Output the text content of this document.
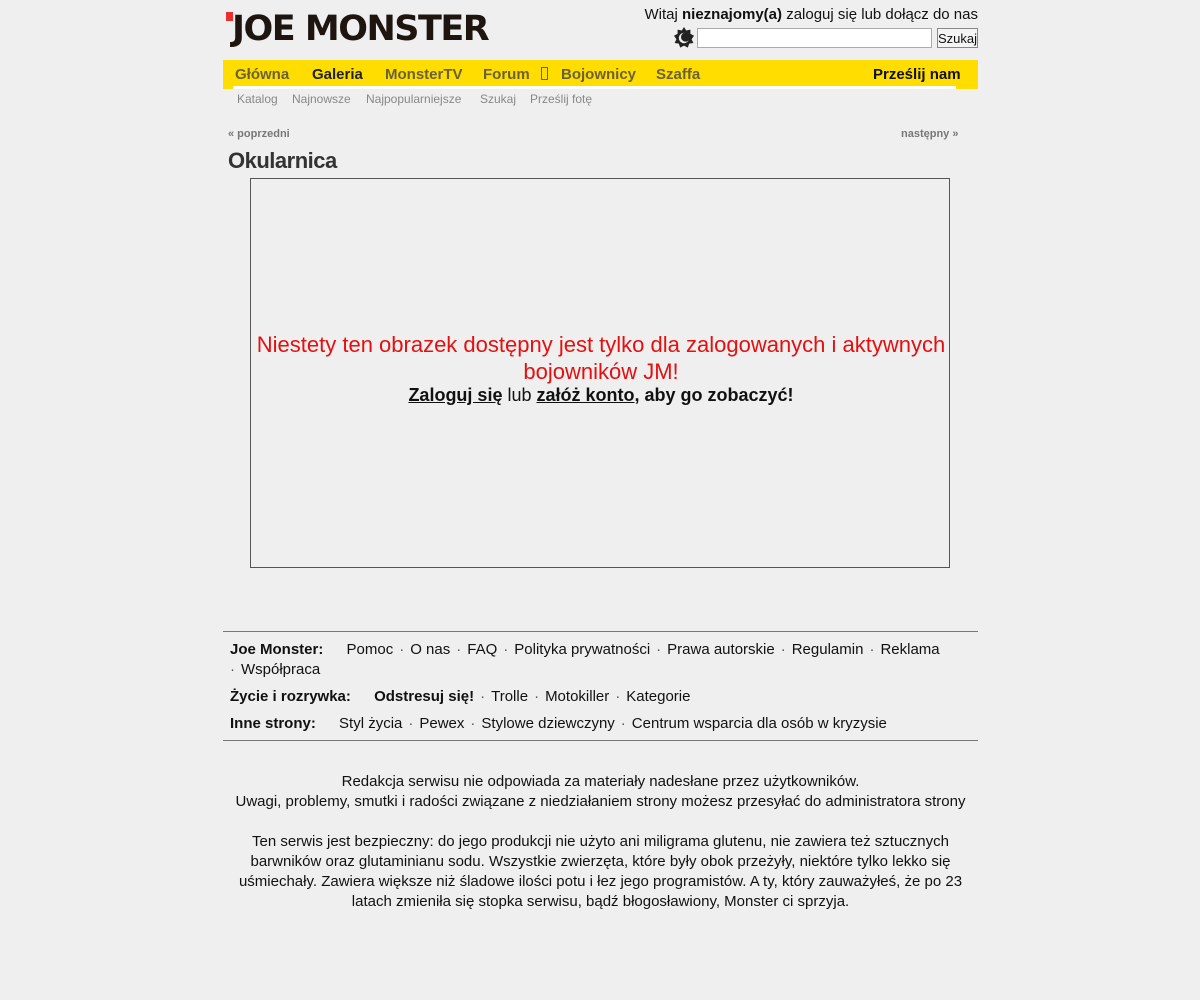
JOE MONSTER	Witaj nieznajomy(a) zaloguj się lub dołącz do nas
Szukaj
Główna Galeria MonsterTV Forum Bojownicy Szaffa	Prześlij nam
Katalog Najnowsze Najpopularniejsze Szukaj Prześlij fotę
« poprzedni	następny »
Okularnica
Niestety ten obrazek dostępny jest tylko dla zalogowanych i aktywnych bojowników JM!
Zaloguj się lub załóż konto, aby go zobaczyć!
Joe Monster: Pomoc · O nas · FAQ · Polityka prywatności · Prawa autorskie · Regulamin · Reklama
· Współpraca
Życie i rozrywka: Odstresuj się! · Trolle · Motokiller · Kategorie
Inne strony: Styl życia · Pewex · Stylowe dziewczyny · Centrum wsparcia dla osób w kryzysie
Redakcja serwisu nie odpowiada za materiały nadesłane przez użytkowników.
Uwagi, problemy, smutki i radości związane z niedziałaniem strony możesz przesyłać do administratora strony
Ten serwis jest bezpieczny: do jego produkcji nie użyto ani miligrama glutenu, nie zawiera też sztucznych barwników oraz glutaminianu sodu. Wszystkie zwierzęta, które były obok przeżyły, niektóre tylko lekko się uśmiechały. Zawiera większe niż śladowe ilości potu i łez jego programistów. A ty, który zauważyłeś, że po 23 latach zmieniła się stopka serwisu, bądź błogosławiony, Monster ci sprzyja.
